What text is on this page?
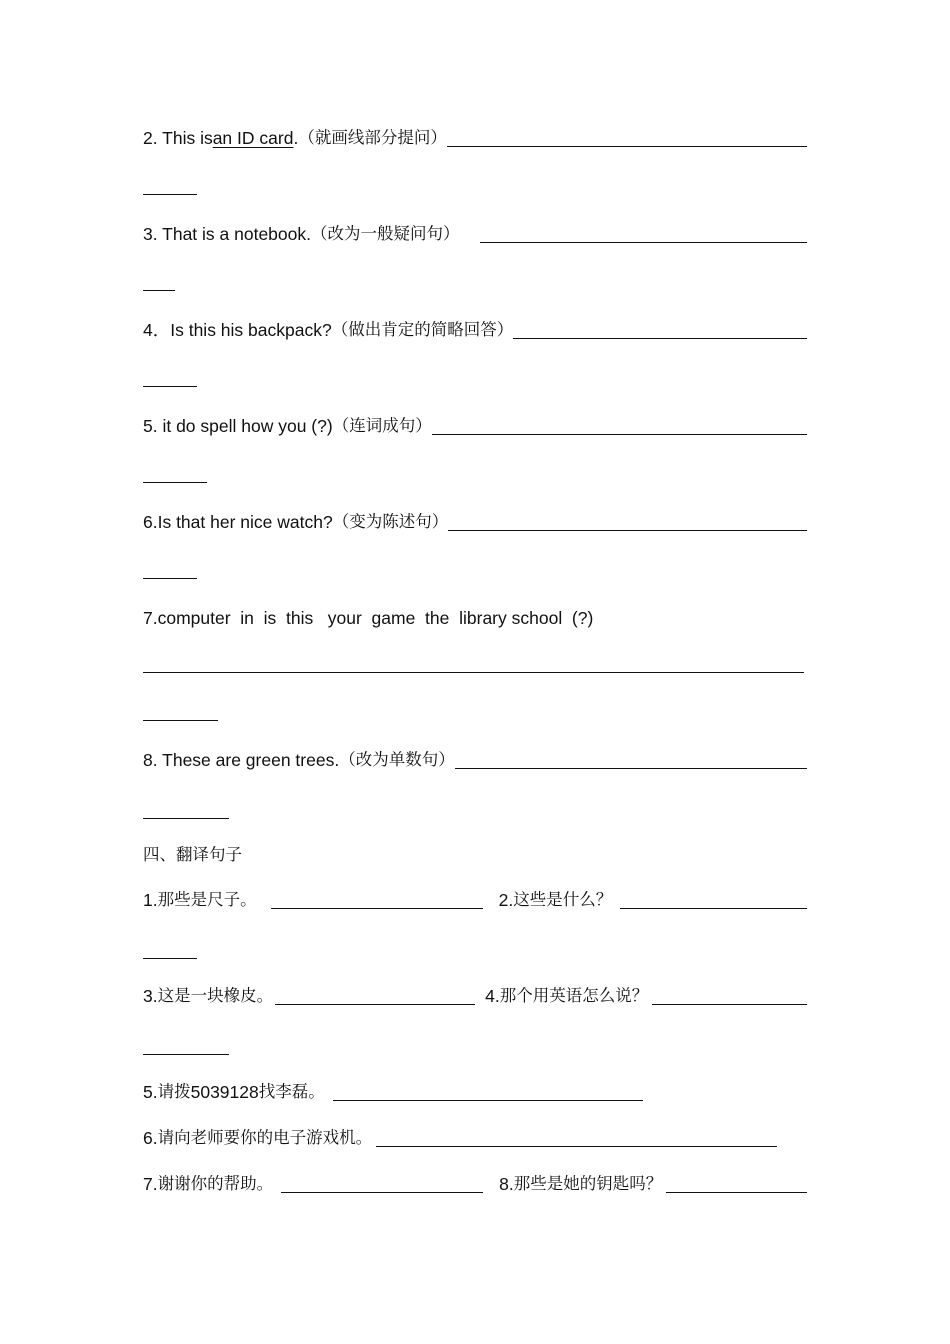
2. This is an ID card . （就画线部分提问）
3. That is a notebook. （改为一般疑问句）
4．Is this his backpack? （做出肯定的简略回答）
5. it do spell how you (?) （连词成句）
6.Is that her nice watch? （变为陈述句）
7.computer  in  is  this   your  game  the  library school  (?)
8. These are green trees. （改为单数句）
四、翻译句子
1. 那些是尺子。	2. 这些是什么？
3. 这是一块橡皮。	4. 那个用英语怎么说？
5. 请拨 5039128 找李磊。
6. 请向老师要你的电子游戏机。
7. 谢谢你的帮助。	8. 那些是她的钥匙吗？
